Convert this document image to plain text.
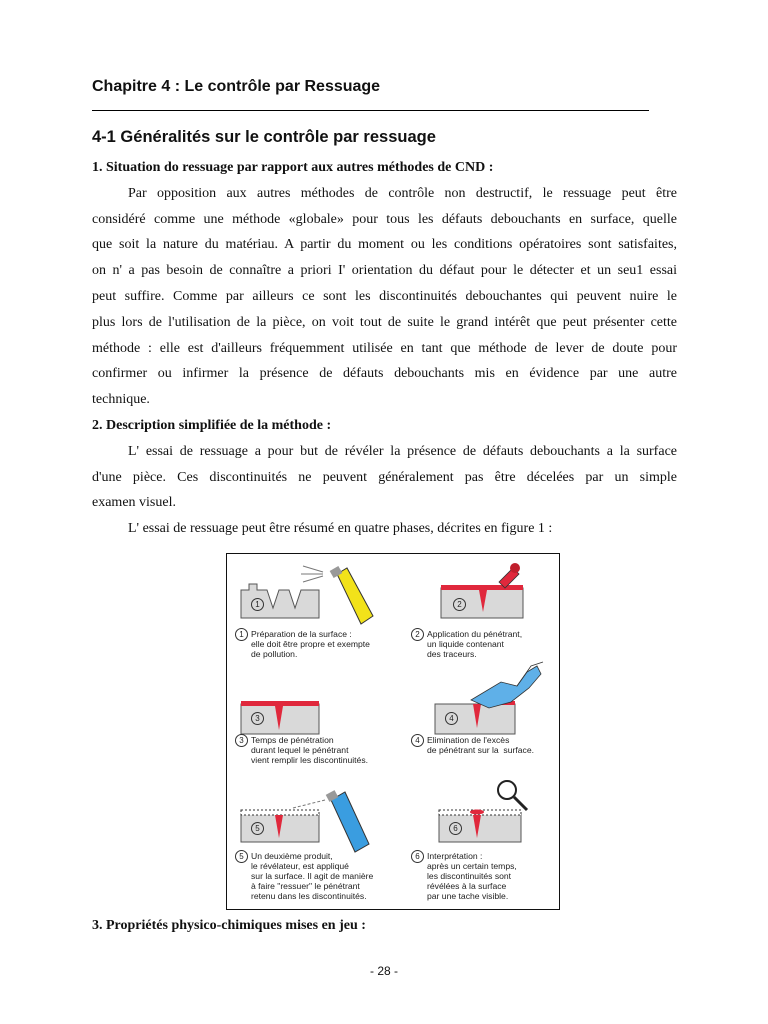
Chapitre 4 : Le contrôle par Ressuage
4-1 Généralités sur le contrôle par ressuage
1. Situation do ressuage par rapport aux autres méthodes de CND :
Par opposition aux autres méthodes de contrôle non destructif, le ressuage peut être
considéré comme une méthode «globale» pour tous les défauts debouchants en surface, quelle
que soit la nature du matériau. A partir du moment ou les conditions opératoires sont satisfaites,
on n' a pas besoin de connaître a priori I' orientation du défaut pour le détecter et un seu1 essai
peut suffire. Comme par ailleurs ce sont les discontinuités debouchantes qui peuvent nuire le
plus lors de l'utilisation de la pièce, on voit tout de suite le grand intérêt que peut présenter cette
méthode : elle est d'ailleurs fréquemment utilisée en tant que méthode de lever de doute pour
confirmer ou infirmer la présence de défauts debouchants mis en évidence par une autre
technique.
2. Description simplifiée de la méthode :
L' essai de ressuage a pour but de révéler la présence de défauts debouchants a la surface
d'une pièce. Ces discontinuités ne peuvent généralement pas être décelées par un simple
examen visuel.
L' essai de ressuage peut être résumé en quatre phases, décrites en figure 1 :
1	2
3	4
5	6
1 Préparation de la surface :
elle doit être propre et exempte
de pollution.
2 Application du pénétrant,
un liquide contenant
des traceurs.
3 Temps de pénétration
durant lequel le pénétrant
vient remplir les discontinuités.
4 Elimination de l'excès
de pénétrant sur la  surface.
5 Un deuxième produit,
le révélateur, est appliqué
sur la surface. Il agit de manière
à faire "ressuer" le pénétrant
retenu dans les discontinuités.
6 Interprétation :
après un certain temps,
les discontinuités sont
révélées à la surface
par une tache visible.
3. Propriétés physico-chimiques mises en jeu :
- 28 -
